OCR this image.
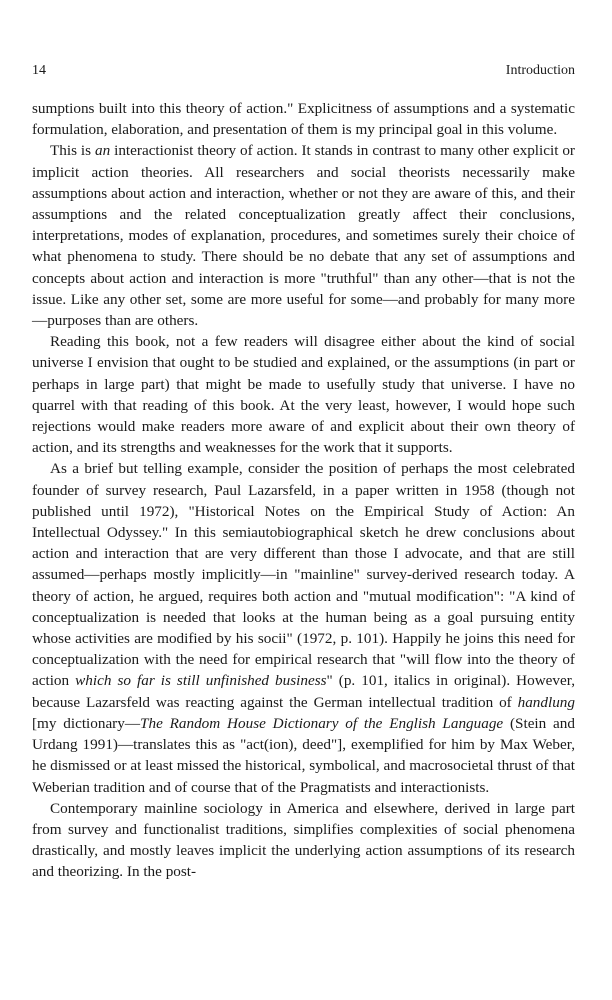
14	Introduction

sumptions built into this theory of action." Explicitness of assumptions and a systematic formulation, elaboration, and presentation of them is my principal goal in this volume.

This is an interactionist theory of action. It stands in contrast to many other explicit or implicit action theories. All researchers and social theorists necessarily make assumptions about action and interaction, whether or not they are aware of this, and their assumptions and the related conceptualization greatly affect their conclusions, interpretations, modes of explanation, procedures, and sometimes surely their choice of what phenomena to study. There should be no debate that any set of assumptions and concepts about action and interaction is more "truthful" than any other—that is not the issue. Like any other set, some are more useful for some—and probably for many more—purposes than are others.

Reading this book, not a few readers will disagree either about the kind of social universe I envision that ought to be studied and explained, or the assumptions (in part or perhaps in large part) that might be made to usefully study that universe. I have no quarrel with that reading of this book. At the very least, however, I would hope such rejections would make readers more aware of and explicit about their own theory of action, and its strengths and weaknesses for the work that it supports.

As a brief but telling example, consider the position of perhaps the most celebrated founder of survey research, Paul Lazarsfeld, in a paper written in 1958 (though not published until 1972), "Historical Notes on the Empirical Study of Action: An Intellectual Odyssey." In this semiautobiographical sketch he drew conclusions about action and interaction that are very different than those I advocate, and that are still assumed—perhaps mostly implicitly—in "mainline" survey-derived research today. A theory of action, he argued, requires both action and "mutual modification": "A kind of conceptualization is needed that looks at the human being as a goal pursuing entity whose activities are modified by his socii" (1972, p. 101). Happily he joins this need for conceptualization with the need for empirical research that "will flow into the theory of action which so far is still unfinished business" (p. 101, italics in original). However, because Lazarsfeld was reacting against the German intellectual tradition of handlung [my dictionary—The Random House Dictionary of the English Language (Stein and Urdang 1991)—translates this as "act(ion), deed"], exemplified for him by Max Weber, he dismissed or at least missed the historical, symbolical, and macrosocietal thrust of that Weberian tradition and of course that of the Pragmatists and interactionists.

Contemporary mainline sociology in America and elsewhere, derived in large part from survey and functionalist traditions, simplifies complexities of social phenomena drastically, and mostly leaves implicit the underlying action assumptions of its research and theorizing. In the post-
